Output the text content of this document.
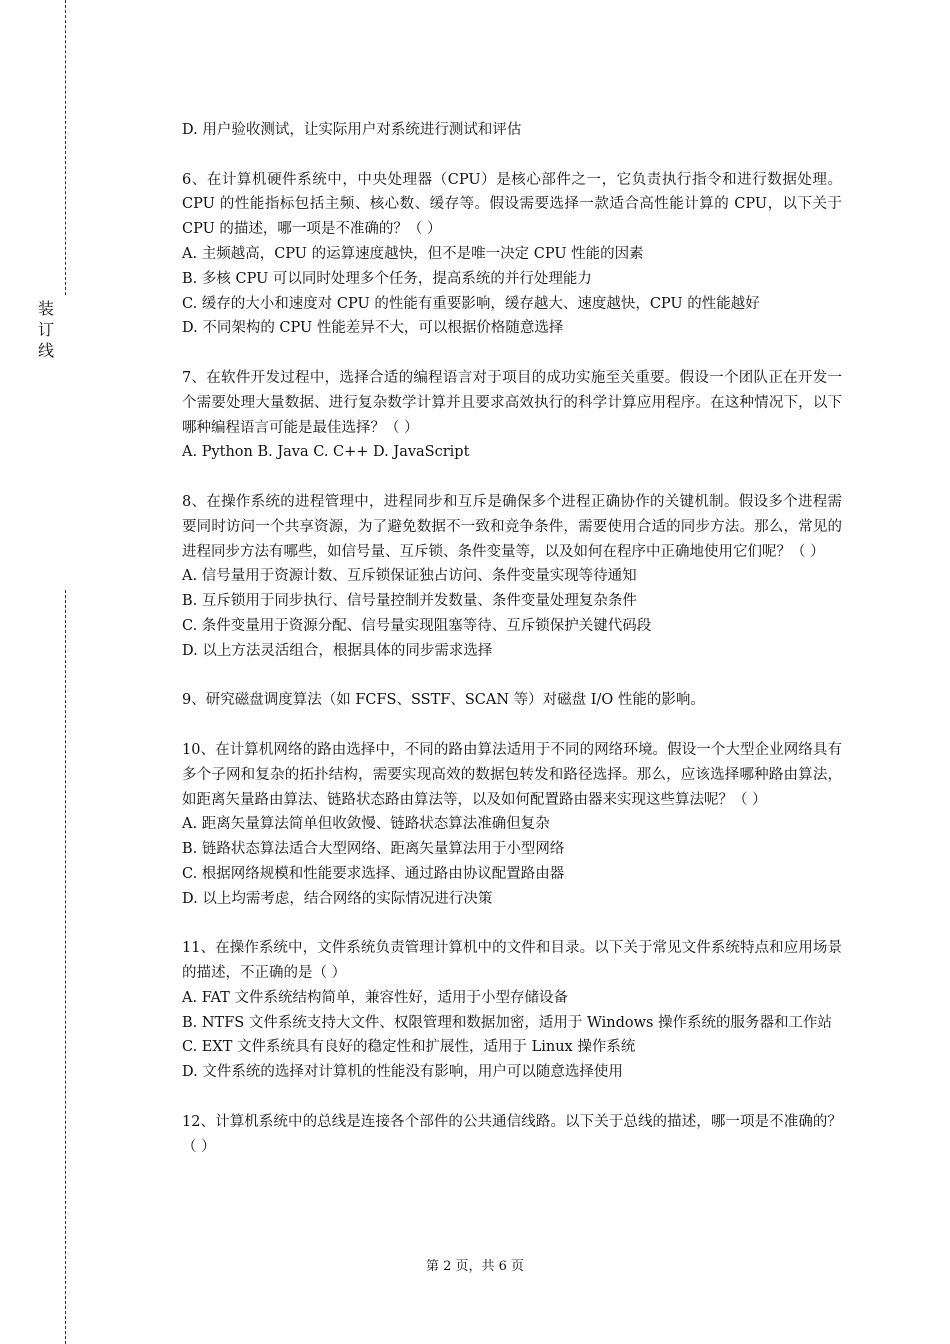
装订线
D. 用户验收测试，让实际用户对系统进行测试和评估
6、在计算机硬件系统中，中央处理器（CPU）是核心部件之一，它负责执行指令和进行数据处理。CPU 的性能指标包括主频、核心数、缓存等。假设需要选择一款适合高性能计算的 CPU，以下关于 CPU 的描述，哪一项是不准确的？（ ）
A. 主频越高，CPU 的运算速度越快，但不是唯一决定 CPU 性能的因素
B. 多核 CPU 可以同时处理多个任务，提高系统的并行处理能力
C. 缓存的大小和速度对 CPU 的性能有重要影响，缓存越大、速度越快，CPU 的性能越好
D. 不同架构的 CPU 性能差异不大，可以根据价格随意选择
7、在软件开发过程中，选择合适的编程语言对于项目的成功实施至关重要。假设一个团队正在开发一个需要处理大量数据、进行复杂数学计算并且要求高效执行的科学计算应用程序。在这种情况下，以下哪种编程语言可能是最佳选择？（ ）
A. Python B. Java C. C++ D. JavaScript
8、在操作系统的进程管理中，进程同步和互斥是确保多个进程正确协作的关键机制。假设多个进程需要同时访问一个共享资源，为了避免数据不一致和竞争条件，需要使用合适的同步方法。那么，常见的进程同步方法有哪些，如信号量、互斥锁、条件变量等，以及如何在程序中正确地使用它们呢？（ ）
A. 信号量用于资源计数、互斥锁保证独占访问、条件变量实现等待通知
B. 互斥锁用于同步执行、信号量控制并发数量、条件变量处理复杂条件
C. 条件变量用于资源分配、信号量实现阻塞等待、互斥锁保护关键代码段
D. 以上方法灵活组合，根据具体的同步需求选择
9、研究磁盘调度算法（如 FCFS、SSTF、SCAN 等）对磁盘 I/O 性能的影响。
10、在计算机网络的路由选择中，不同的路由算法适用于不同的网络环境。假设一个大型企业网络具有多个子网和复杂的拓扑结构，需要实现高效的数据包转发和路径选择。那么，应该选择哪种路由算法，如距离矢量路由算法、链路状态路由算法等，以及如何配置路由器来实现这些算法呢？（ ）
A. 距离矢量算法简单但收敛慢、链路状态算法准确但复杂
B. 链路状态算法适合大型网络、距离矢量算法用于小型网络
C. 根据网络规模和性能要求选择、通过路由协议配置路由器
D. 以上均需考虑，结合网络的实际情况进行决策
11、在操作系统中，文件系统负责管理计算机中的文件和目录。以下关于常见文件系统特点和应用场景的描述，不正确的是（ ）
A. FAT 文件系统结构简单，兼容性好，适用于小型存储设备
B. NTFS 文件系统支持大文件、权限管理和数据加密，适用于 Windows 操作系统的服务器和工作站
C. EXT 文件系统具有良好的稳定性和扩展性，适用于 Linux 操作系统
D. 文件系统的选择对计算机的性能没有影响，用户可以随意选择使用
12、计算机系统中的总线是连接各个部件的公共通信线路。以下关于总线的描述，哪一项是不准确的？（ ）
第 2 页，共 6 页
